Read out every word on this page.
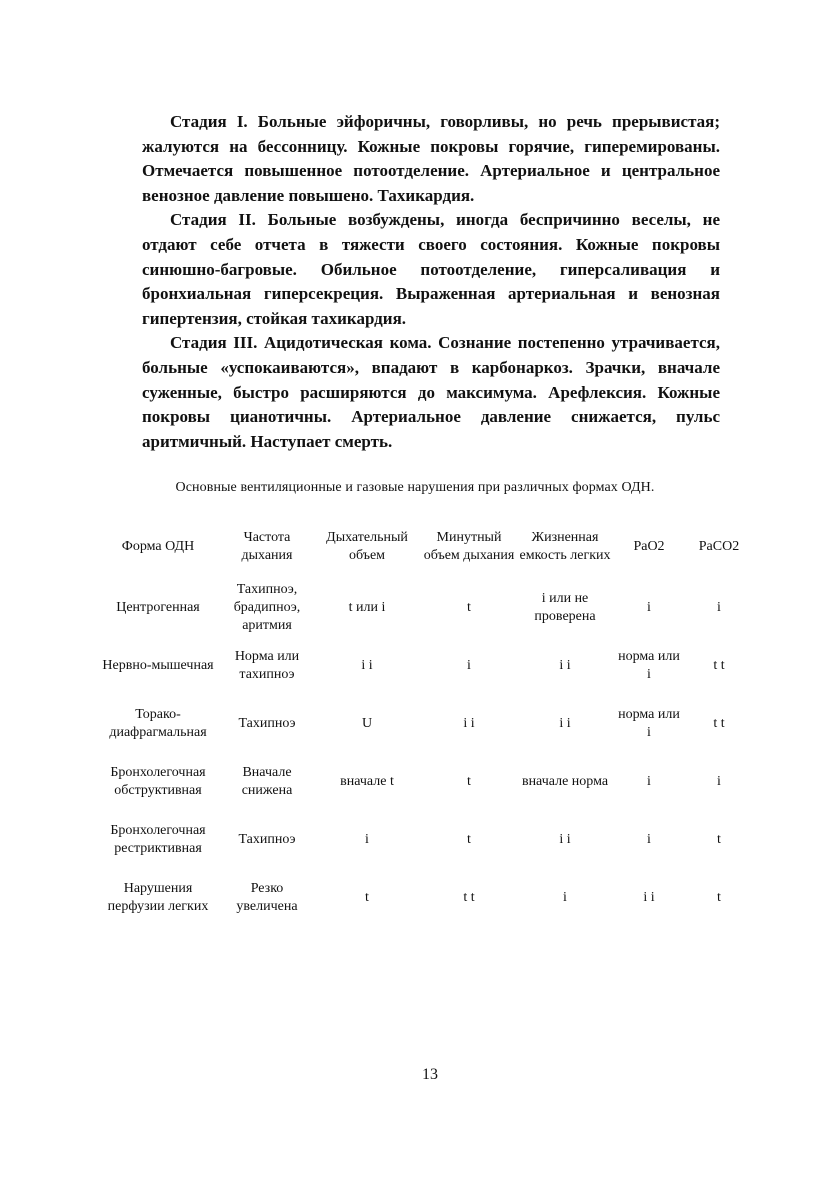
Стадия I. Больные эйфоричны, говорливы, но речь прерывистая; жалуются на бессонницу. Кожные покровы горячие, гиперемированы. Отмечается повышенное потоотделение. Артериальное и центральное венозное давление повышено. Тахикардия.

Стадия II. Больные возбуждены, иногда беспричинно веселы, не отдают себе отчета в тяжести своего состояния. Кожные покровы синюшно-багровые. Обильное потоотделение, гиперсаливация и бронхиальная гиперсекреция. Выраженная артериальная и венозная гипертензия, стойкая тахикардия.

Стадия III. Ацидотическая кома. Сознание постепенно утрачивается, больные «успокаиваются», впадают в карбонаркоз. Зрачки, вначале суженные, быстро расширяются до максимума. Арефлексия. Кожные покровы цианотичны. Артериальное давление снижается, пульс аритмичный. Наступает смерть.

Основные вентиляционные и газовые нарушения при различных формах ОДН.
Форма ОДН	Частота дыхания	Дыхательный объем	Минутный объем дыхания	Жизненная емкость легких	PaO2	PaCO2
Центрогенная	Тахипноэ, брадипноэ, аритмия	t или i	t	i или не проверена	i	i
Нервно-мышечная	Норма или тахипноэ	i i	i	i i	норма или i	t t
Торако-диафрагмальная	Тахипноэ	U	i i	i i	норма или i	t t
Бронхолегочная обструктивная	Вначале снижена	вначале t	t	вначале норма	i	i
Бронхолегочная рестриктивная	Тахипноэ	i	t	i i	i	t
Нарушения перфузии легких	Резко увеличена	t	t t	i	i i	t
13
